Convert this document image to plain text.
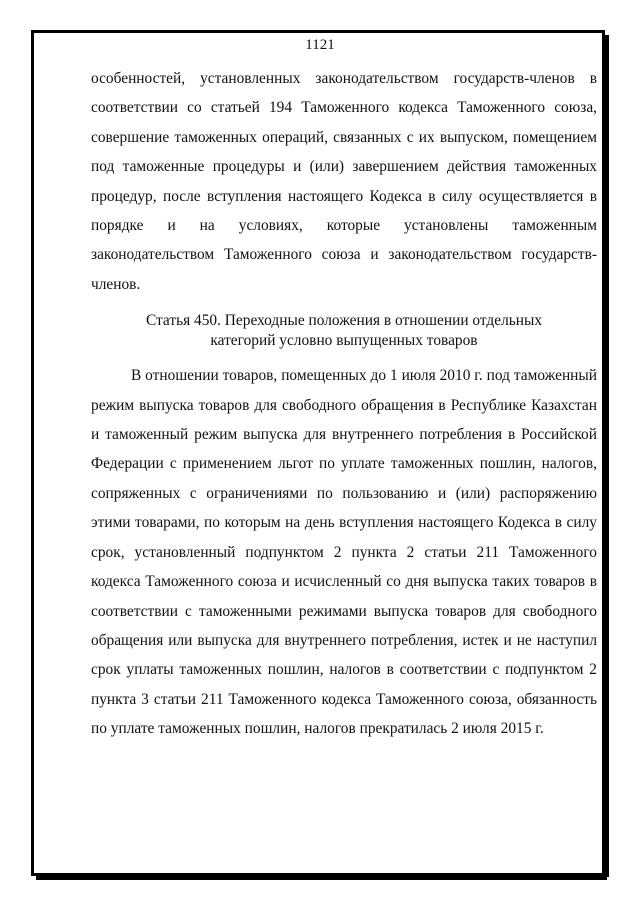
1121

особенностей, установленных законодательством государств-членов в соответствии со статьей 194 Таможенного кодекса Таможенного союза, совершение таможенных операций, связанных с их выпуском, помещением под таможенные процедуры и (или) завершением действия таможенных процедур, после вступления настоящего Кодекса в силу осуществляется в порядке и на условиях, которые установлены таможенным законодательством Таможенного союза и законодательством государств-членов.

Статья 450. Переходные положения в отношении отдельных
категорий условно выпущенных товаров

В отношении товаров, помещенных до 1 июля 2010 г. под таможенный режим выпуска товаров для свободного обращения в Республике Казахстан и таможенный режим выпуска для внутреннего потребления в Российской Федерации с применением льгот по уплате таможенных пошлин, налогов, сопряженных с ограничениями по пользованию и (или) распоряжению этими товарами, по которым на день вступления настоящего Кодекса в силу срок, установленный подпунктом 2 пункта 2 статьи 211 Таможенного кодекса Таможенного союза и исчисленный со дня выпуска таких товаров в соответствии с таможенными режимами выпуска товаров для свободного обращения или выпуска для внутреннего потребления, истек и не наступил срок уплаты таможенных пошлин, налогов в соответствии с подпунктом 2 пункта 3 статьи 211 Таможенного кодекса Таможенного союза, обязанность по уплате таможенных пошлин, налогов прекратилась 2 июля 2015 г.
